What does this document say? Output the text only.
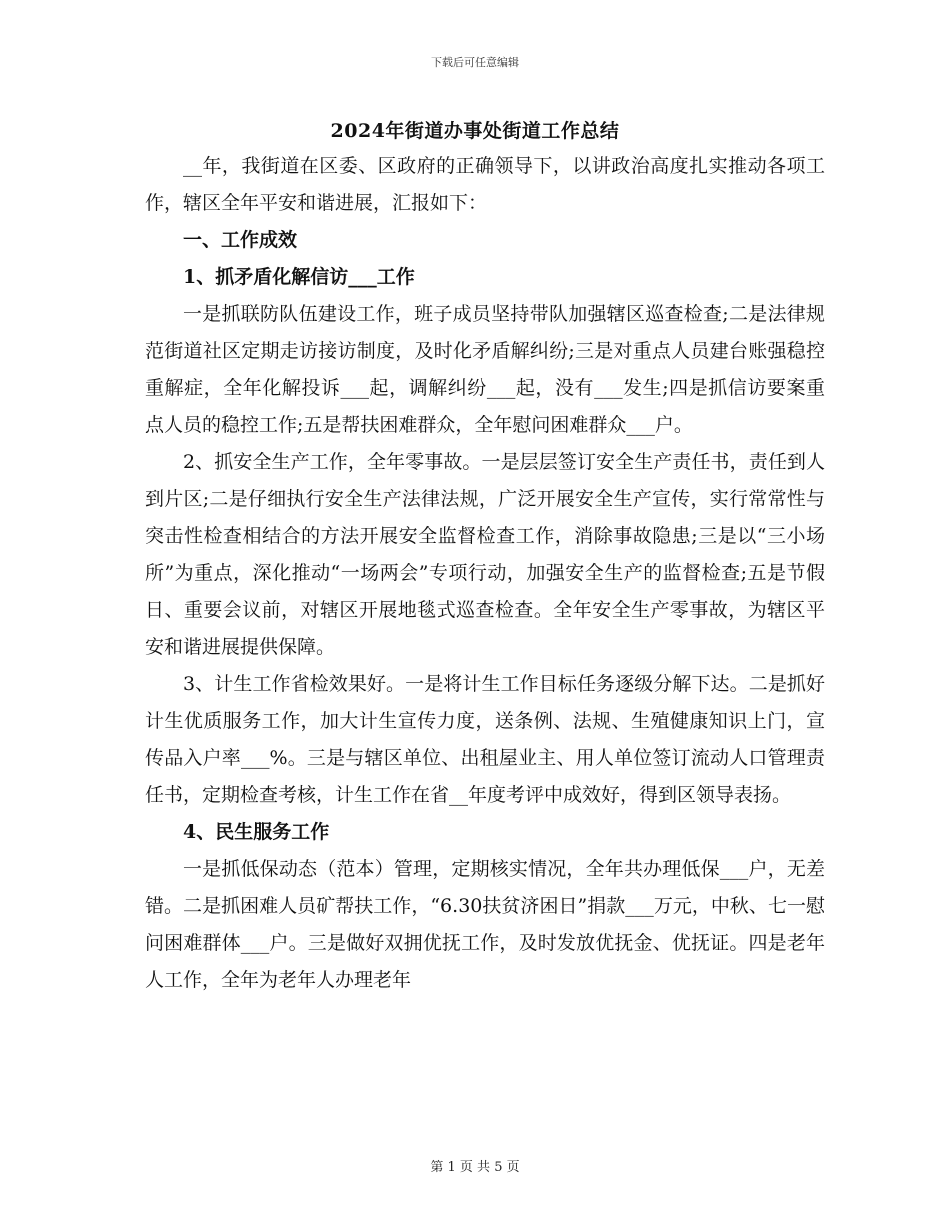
下载后可任意编辑
2024年街道办事处街道工作总结

__年，我街道在区委、区政府的正确领导下，以讲政治高度扎实推动各项工作，辖区全年平安和谐进展，汇报如下：

一、工作成效

1、抓矛盾化解信访___工作

一是抓联防队伍建设工作，班子成员坚持带队加强辖区巡查检查;二是法律规范街道社区定期走访接访制度，及时化矛盾解纠纷;三是对重点人员建台账强稳控重解症，全年化解投诉___起，调解纠纷___起，没有___发生;四是抓信访要案重点人员的稳控工作;五是帮扶困难群众，全年慰问困难群众___户。

2、抓安全生产工作，全年零事故。一是层层签订安全生产责任书，责任到人到片区;二是仔细执行安全生产法律法规，广泛开展安全生产宣传，实行常常性与突击性检查相结合的方法开展安全监督检查工作，消除事故隐患;三是以“三小场所”为重点，深化推动“一场两会”专项行动，加强安全生产的监督检查;五是节假日、重要会议前，对辖区开展地毯式巡查检查。全年安全生产零事故，为辖区平安和谐进展提供保障。

3、计生工作省检效果好。一是将计生工作目标任务逐级分解下达。二是抓好计生优质服务工作，加大计生宣传力度，送条例、法规、生殖健康知识上门，宣传品入户率___%。三是与辖区单位、出租屋业主、用人单位签订流动人口管理责任书，定期检查考核，计生工作在省__年度考评中成效好，得到区领导表扬。

4、民生服务工作

一是抓低保动态（范本）管理，定期核实情况，全年共办理低保___户，无差错。二是抓困难人员矿帮扶工作，“6.30扶贫济困日”捐款___万元，中秋、七一慰问困难群体___户。三是做好双拥优抚工作，及时发放优抚金、优抚证。四是老年人工作，全年为老年人办理老年

第 1 页 共 5 页
